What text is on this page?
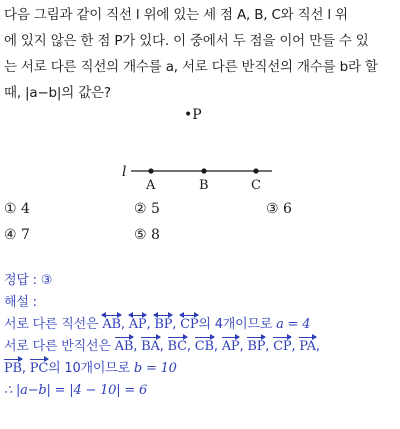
다음 그림과 같이 직선 l 위에 있는 세 점 A, B, C와 직선 l 위
에 있지 않은 한 점 P가 있다. 이 중에서 두 점을 이어 만들 수 있
는 서로 다른 직선의 개수를 a, 서로 다른 반직선의 개수를 b라 할
때, |a−b|의 값은?
•P
l
A	B	C
① 4	② 5	③ 6
④ 7	⑤ 8
정답 : ③
해설 :
서로 다른 직선은 AB,
AP,
BP,
CP의 4개이므로 a = 4
서로 다른 반직선은 AB, BA, BC, CB, AP, BP, CP, PA,
PB, PC의 10개이므로 b = 10
∴ |a−b| = |4 − 10| = 6
